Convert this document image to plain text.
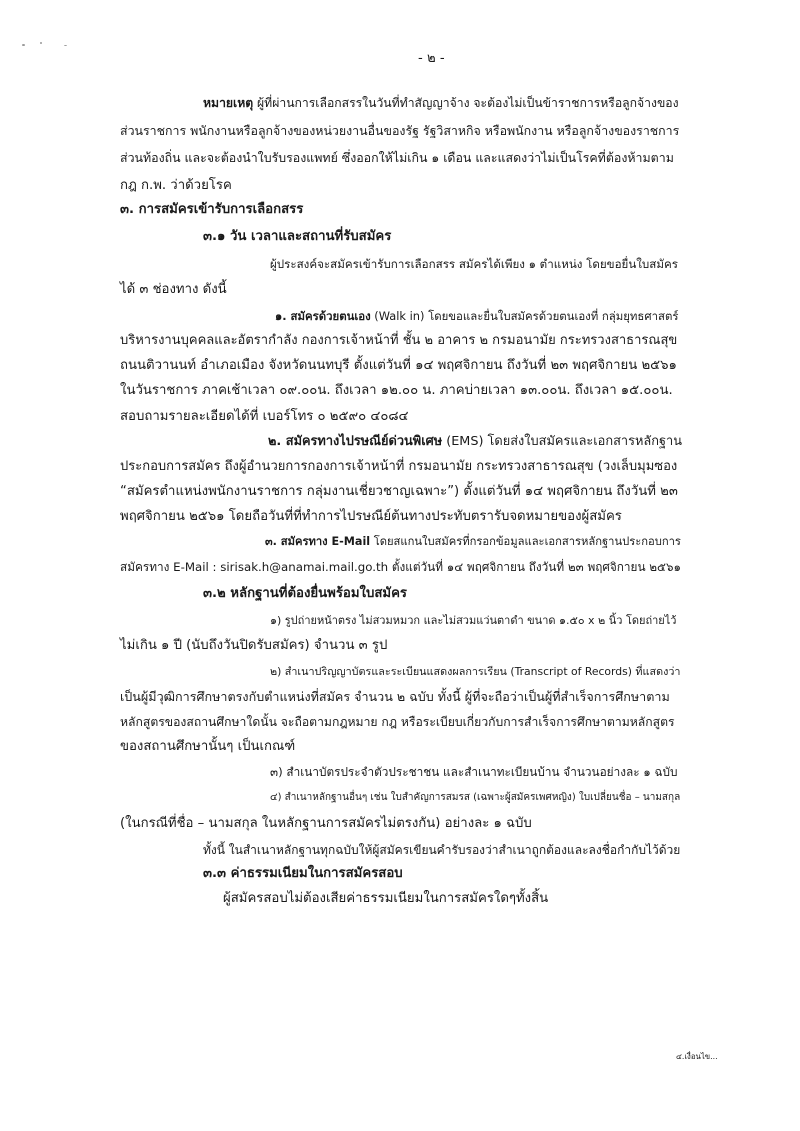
- ๒ -
หมายเหตุ ผู้ที่ผ่านการเลือกสรรในวันที่ทำสัญญาจ้าง จะต้องไม่เป็นข้าราชการหรือลูกจ้างของ
ส่วนราชการ พนักงานหรือลูกจ้างของหน่วยงานอื่นของรัฐ รัฐวิสาหกิจ หรือพนักงาน หรือลูกจ้างของราชการ
ส่วนท้องถิ่น และจะต้องนำใบรับรองแพทย์ ซึ่งออกให้ไม่เกิน ๑ เดือน และแสดงว่าไม่เป็นโรคที่ต้องห้ามตาม
กฎ ก.พ. ว่าด้วยโรค
๓. การสมัครเข้ารับการเลือกสรร
๓.๑ วัน เวลาและสถานที่รับสมัคร
ผู้ประสงค์จะสมัครเข้ารับการเลือกสรร สมัครได้เพียง ๑ ตำแหน่ง โดยขอยื่นใบสมัคร
ได้ ๓ ช่องทาง ดังนี้
๑. สมัครด้วยตนเอง (Walk in) โดยขอและยื่นใบสมัครด้วยตนเองที่ กลุ่มยุทธศาสตร์
บริหารงานบุคคลและอัตรากำลัง กองการเจ้าหน้าที่ ชั้น ๒ อาคาร ๒ กรมอนามัย กระทรวงสาธารณสุข
ถนนติวานนท์ อำเภอเมือง จังหวัดนนทบุรี ตั้งแต่วันที่ ๑๔ พฤศจิกายน ถึงวันที่ ๒๓ พฤศจิกายน ๒๕๖๑
ในวันราชการ ภาคเช้าเวลา ๐๙.๐๐น. ถึงเวลา ๑๒.๐๐ น. ภาคบ่ายเวลา ๑๓.๐๐น. ถึงเวลา ๑๕.๐๐น.
สอบถามรายละเอียดได้ที่ เบอร์โทร ๐ ๒๕๙๐ ๔๐๘๔
๒. สมัครทางไปรษณีย์ด่วนพิเศษ (EMS) โดยส่งใบสมัครและเอกสารหลักฐาน
ประกอบการสมัคร ถึงผู้อำนวยการกองการเจ้าหน้าที่ กรมอนามัย กระทรวงสาธารณสุข (วงเล็บมุมซอง
“สมัครตำแหน่งพนักงานราชการ กลุ่มงานเชี่ยวชาญเฉพาะ”) ตั้งแต่วันที่ ๑๔ พฤศจิกายน ถึงวันที่ ๒๓
พฤศจิกายน ๒๕๖๑ โดยถือวันที่ที่ทำการไปรษณีย์ต้นทางประทับตรารับจดหมายของผู้สมัคร
๓. สมัครทาง E-Mail โดยสแกนใบสมัครที่กรอกข้อมูลและเอกสารหลักฐานประกอบการ
สมัครทาง E-Mail : sirisak.h@anamai.mail.go.th ตั้งแต่วันที่ ๑๔ พฤศจิกายน ถึงวันที่ ๒๓ พฤศจิกายน ๒๕๖๑
๓.๒ หลักฐานที่ต้องยื่นพร้อมใบสมัคร
๑) รูปถ่ายหน้าตรง ไม่สวมหมวก และไม่สวมแว่นตาดำ ขนาด ๑.๕๐ x ๒ นิ้ว โดยถ่ายไว้
ไม่เกิน ๑ ปี (นับถึงวันปิดรับสมัคร) จำนวน ๓ รูป
๒) สำเนาปริญญาบัตรและระเบียนแสดงผลการเรียน (Transcript of Records) ที่แสดงว่า
เป็นผู้มีวุฒิการศึกษาตรงกับตำแหน่งที่สมัคร จำนวน ๒ ฉบับ ทั้งนี้ ผู้ที่จะถือว่าเป็นผู้ที่สำเร็จการศึกษาตาม
หลักสูตรของสถานศึกษาใดนั้น จะถือตามกฎหมาย กฎ หรือระเบียบเกี่ยวกับการสำเร็จการศึกษาตามหลักสูตร
ของสถานศึกษานั้นๆ เป็นเกณฑ์
๓) สำเนาบัตรประจำตัวประชาชน และสำเนาทะเบียนบ้าน จำนวนอย่างละ ๑ ฉบับ
๔) สำเนาหลักฐานอื่นๆ เช่น ใบสำคัญการสมรส (เฉพาะผู้สมัครเพศหญิง) ใบเปลี่ยนชื่อ – นามสกุล
(ในกรณีที่ชื่อ – นามสกุล ในหลักฐานการสมัครไม่ตรงกัน) อย่างละ ๑ ฉบับ
ทั้งนี้ ในสำเนาหลักฐานทุกฉบับให้ผู้สมัครเขียนคำรับรองว่าสำเนาถูกต้องและลงชื่อกำกับไว้ด้วย
๓.๓ ค่าธรรมเนียมในการสมัครสอบ
ผู้สมัครสอบไม่ต้องเสียค่าธรรมเนียมในการสมัครใดๆทั้งสิ้น
๔.เงื่อนไข...
